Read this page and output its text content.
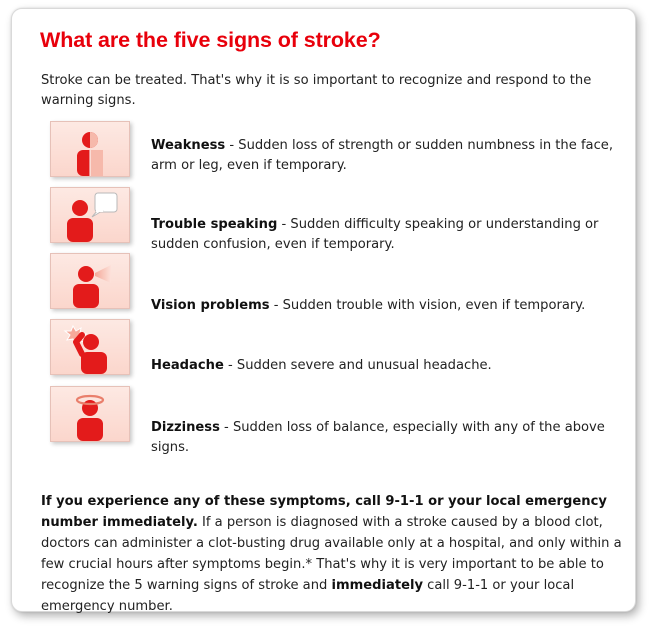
What are the five signs of stroke?

Stroke can be treated. That's why it is so important to recognize and respond to the warning signs.

Weakness - Sudden loss of strength or sudden numbness in the face, arm or leg, even if temporary.

Trouble speaking - Sudden difficulty speaking or understanding or sudden confusion, even if temporary.

Vision problems - Sudden trouble with vision, even if temporary.

Headache - Sudden severe and unusual headache.

Dizziness - Sudden loss of balance, especially with any of the above signs.

If you experience any of these symptoms, call 9-1-1 or your local emergency number immediately. If a person is diagnosed with a stroke caused by a blood clot, doctors can administer a clot-busting drug available only at a hospital, and only within a few crucial hours after symptoms begin.* That's why it is very important to be able to recognize the 5 warning signs of stroke and immediately call 9-1-1 or your local emergency number.
